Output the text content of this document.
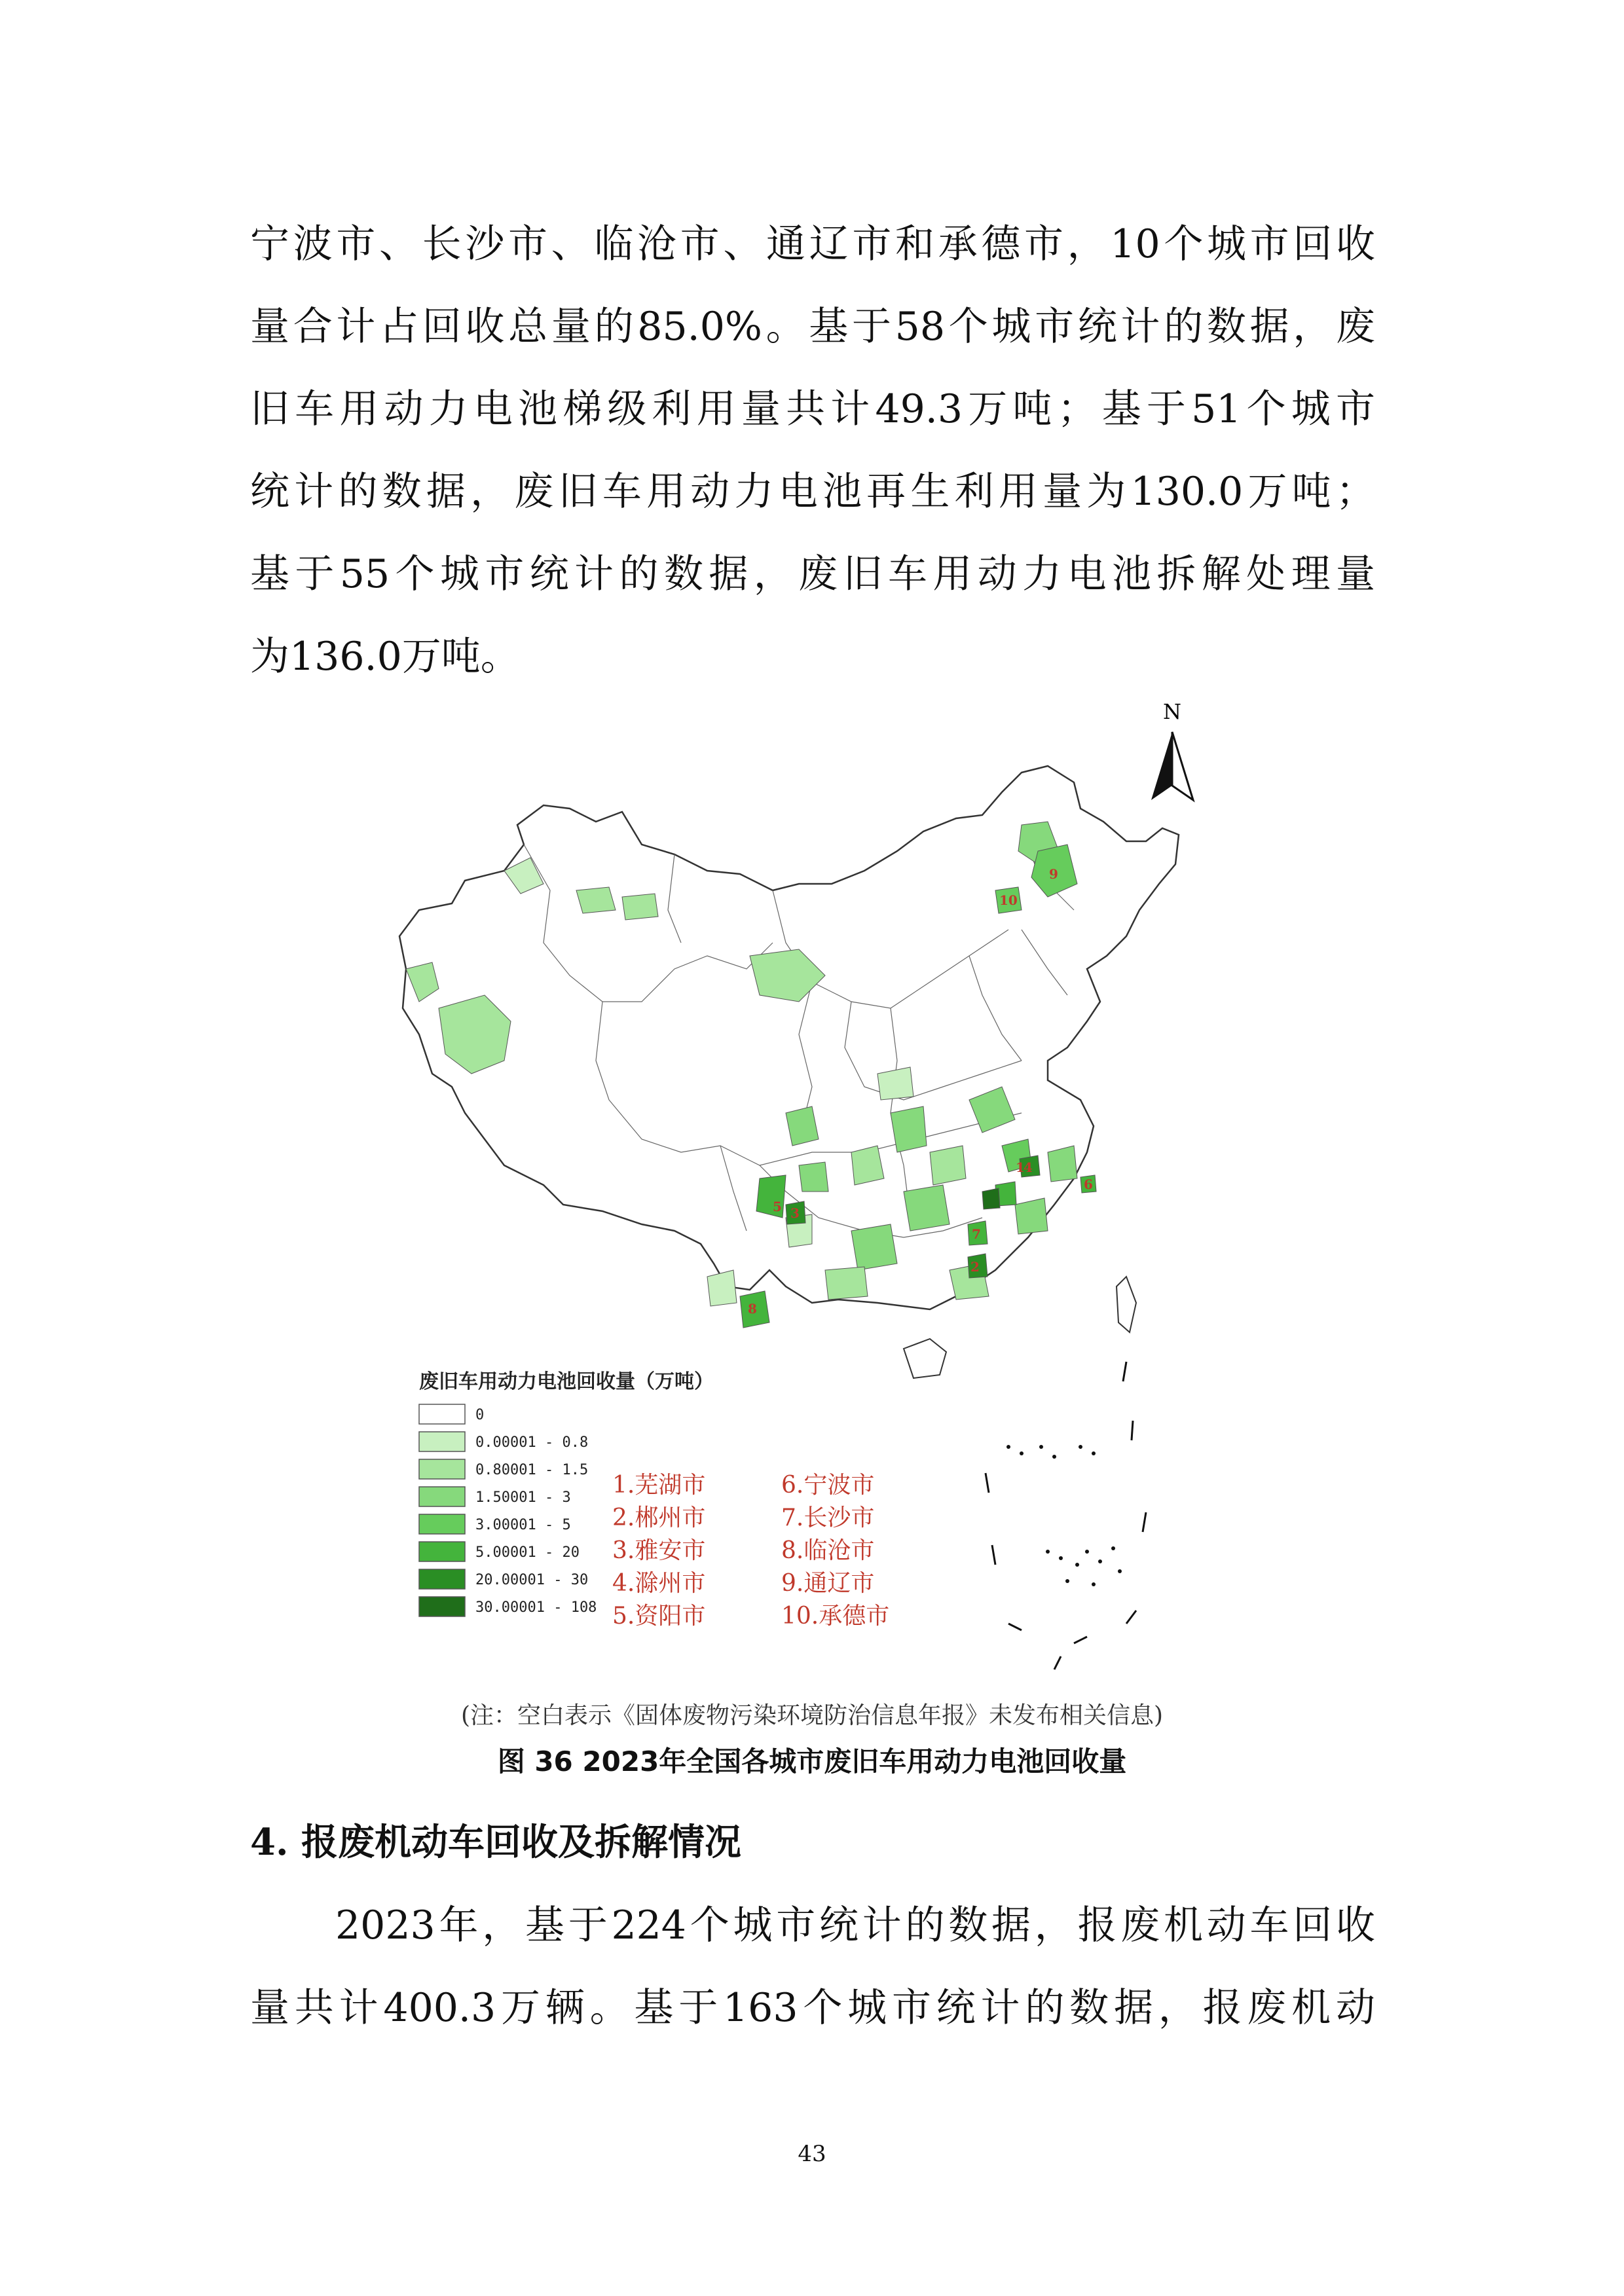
宁波市、长沙市、临沧市、通辽市和承德市，10个城市回收
量合计占回收总量的85.0%。基于58个城市统计的数据，废
旧车用动力电池梯级利用量共计49.3万吨；基于51个城市
统计的数据，废旧车用动力电池再生利用量为130.0万吨；
基于55个城市统计的数据，废旧车用动力电池拆解处理量
为136.0万吨。
N
1
2
3
4
5
6
7
8
9
10
废旧车用动力电池回收量（万吨）
0
0.00001 - 0.8
0.80001 - 1.5
1.50001 - 3
3.00001 - 5
5.00001 - 20
20.00001 - 30
30.00001 - 108
1.芜湖市
2.郴州市
3.雅安市
4.滁州市
5.资阳市
6.宁波市
7.长沙市
8.临沧市
9.通辽市
10.承德市
(注：空白表示《固体废物污染环境防治信息年报》未发布相关信息)
图 36 2023年全国各城市废旧车用动力电池回收量
4. 报废机动车回收及拆解情况
2023年，基于224个城市统计的数据，报废机动车回收
量共计400.3万辆。基于163个城市统计的数据，报废机动
43
